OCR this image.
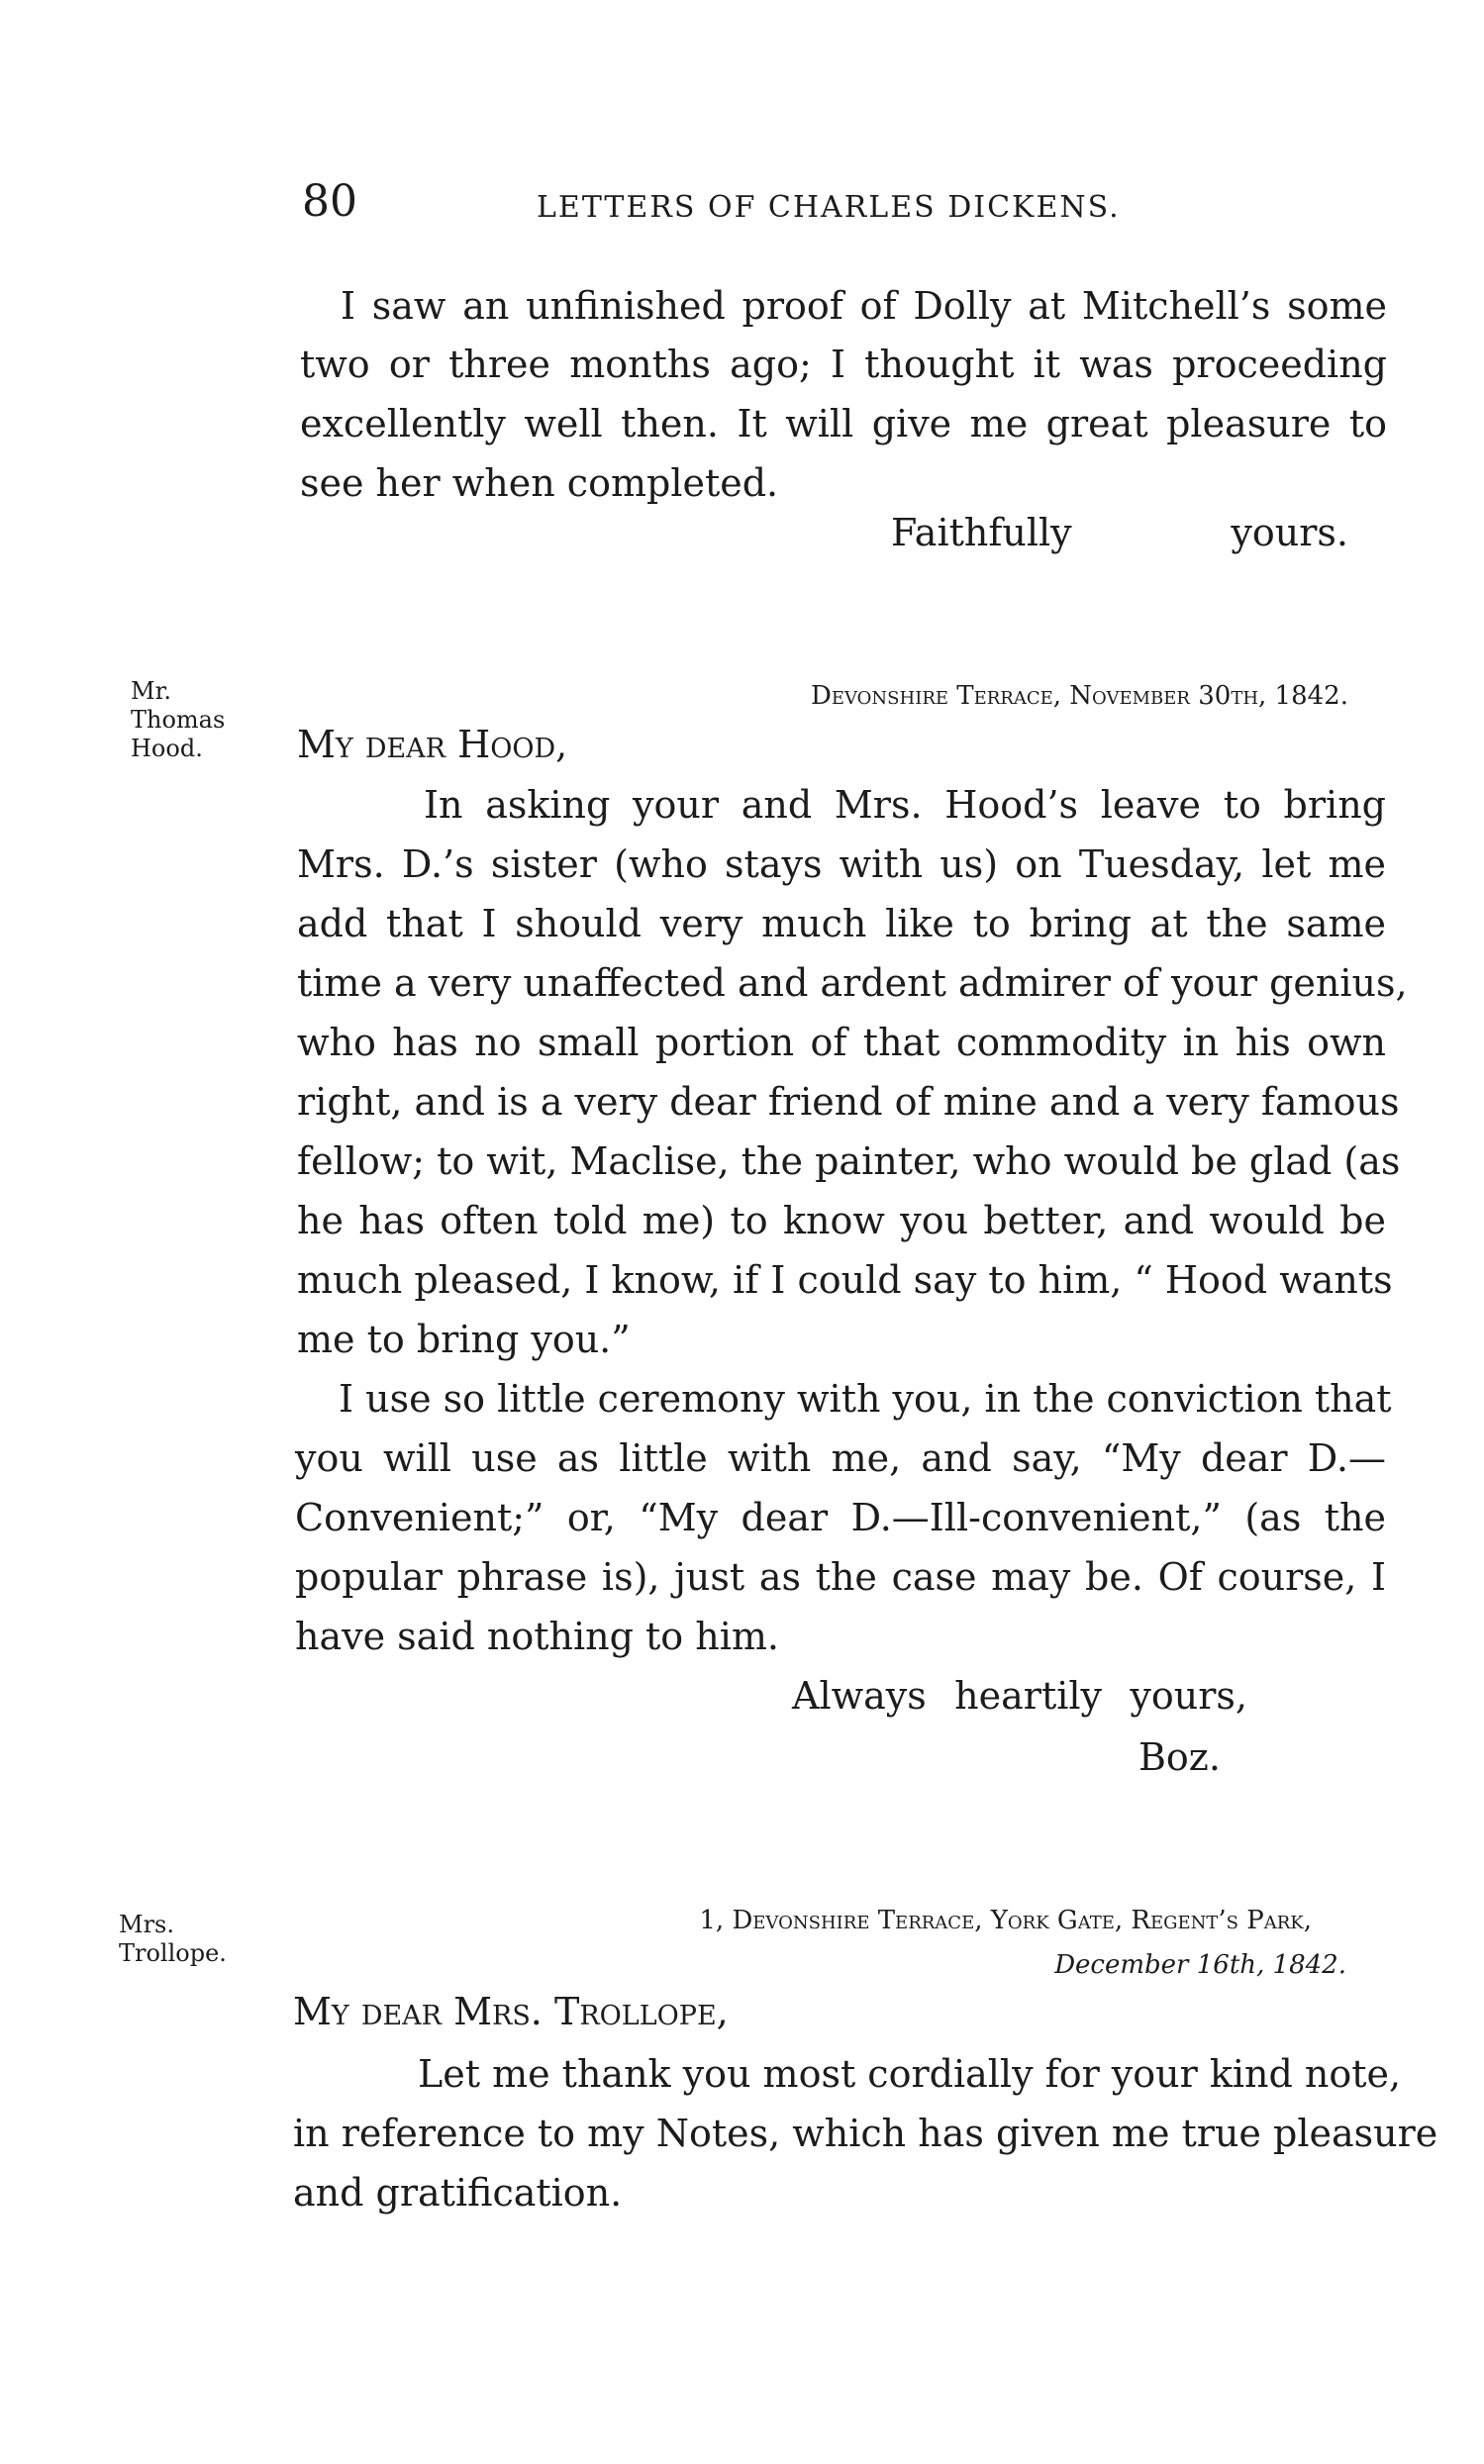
80	LETTERS OF CHARLES DICKENS.
I saw an unfinished proof of Dolly at Mitchell’s some
two or three months ago; I thought it was proceeding
excellently well then. It will give me great pleasure to
see her when completed.
Faithfully yours.
Mr.
Thomas
Hood.
Devonshire Terrace, November 30th, 1842.
My dear Hood,
In asking your and Mrs. Hood’s leave to bring
Mrs. D.’s sister (who stays with us) on Tuesday, let me
add that I should very much like to bring at the same
time a very unaffected and ardent admirer of your genius,
who has no small portion of that commodity in his own
right, and is a very dear friend of mine and a very famous
fellow; to wit, Maclise, the painter, who would be glad (as
he has often told me) to know you better, and would be
much pleased, I know, if I could say to him, “ Hood wants
me to bring you.”
I use so little ceremony with you, in the conviction that
you will use as little with me, and say, “My dear D.—
Convenient;” or, “My dear D.—Ill-convenient,” (as the
popular phrase is), just as the case may be. Of course, I
have said nothing to him.
Always heartily yours,
Boz.
Mrs.
Trollope.
1, Devonshire Terrace, York Gate, Regent’s Park,
December 16th, 1842.
My dear Mrs. Trollope,
Let me thank you most cordially for your kind note,
in reference to my Notes, which has given me true pleasure
and gratification.
